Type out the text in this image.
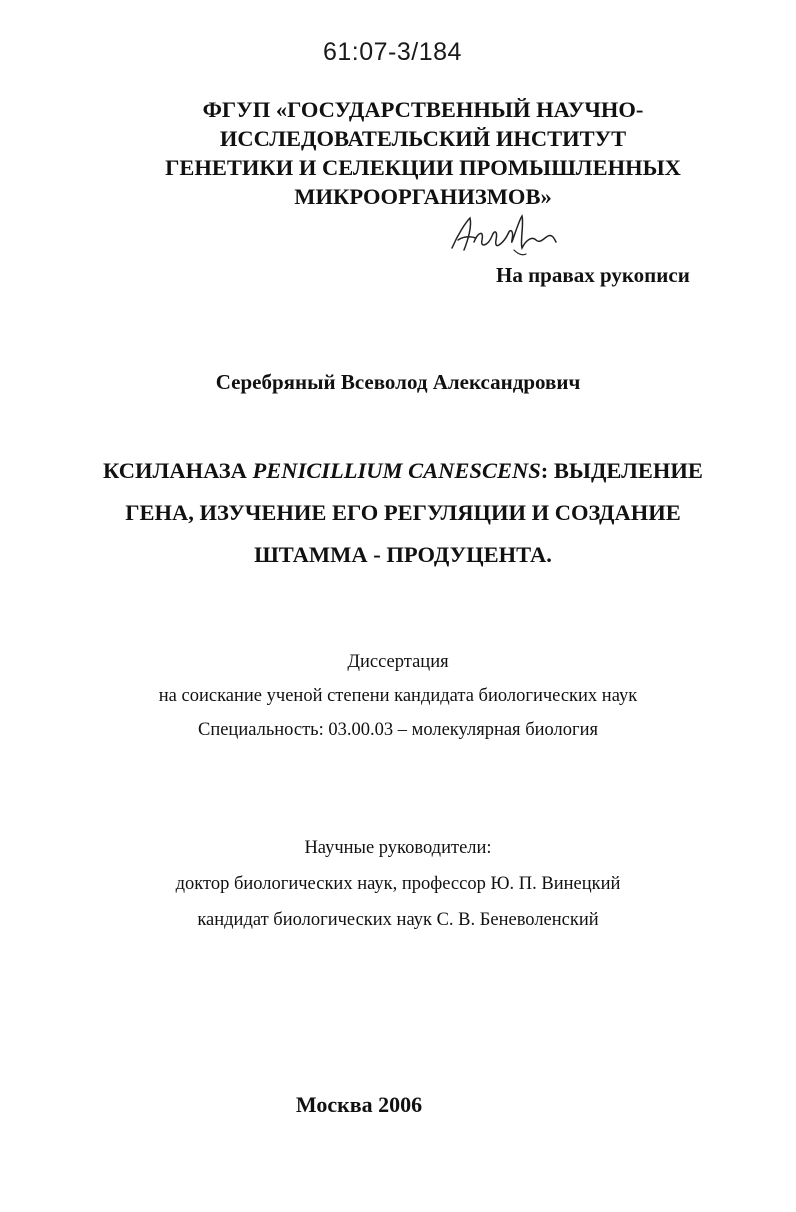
61:07-3/184
ФГУП «ГОСУДАРСТВЕННЫЙ НАУЧНО-
ИССЛЕДОВАТЕЛЬСКИЙ ИНСТИТУТ
ГЕНЕТИКИ И СЕЛЕКЦИИ ПРОМЫШЛЕННЫХ
МИКРООРГАНИЗМОВ»
На правах рукописи
Серебряный Всеволод Александрович
КСИЛАНАЗА PENICILLIUM CANESCENS: ВЫДЕЛЕНИЕ
ГЕНА, ИЗУЧЕНИЕ ЕГО РЕГУЛЯЦИИ И СОЗДАНИЕ
ШТАММА - ПРОДУЦЕНТА.
Диссертация
на соискание ученой степени кандидата биологических наук
Специальность: 03.00.03 – молекулярная биология
Научные руководители:
доктор биологических наук, профессор Ю. П. Винецкий
кандидат биологических наук С. В. Беневоленский
Москва 2006
